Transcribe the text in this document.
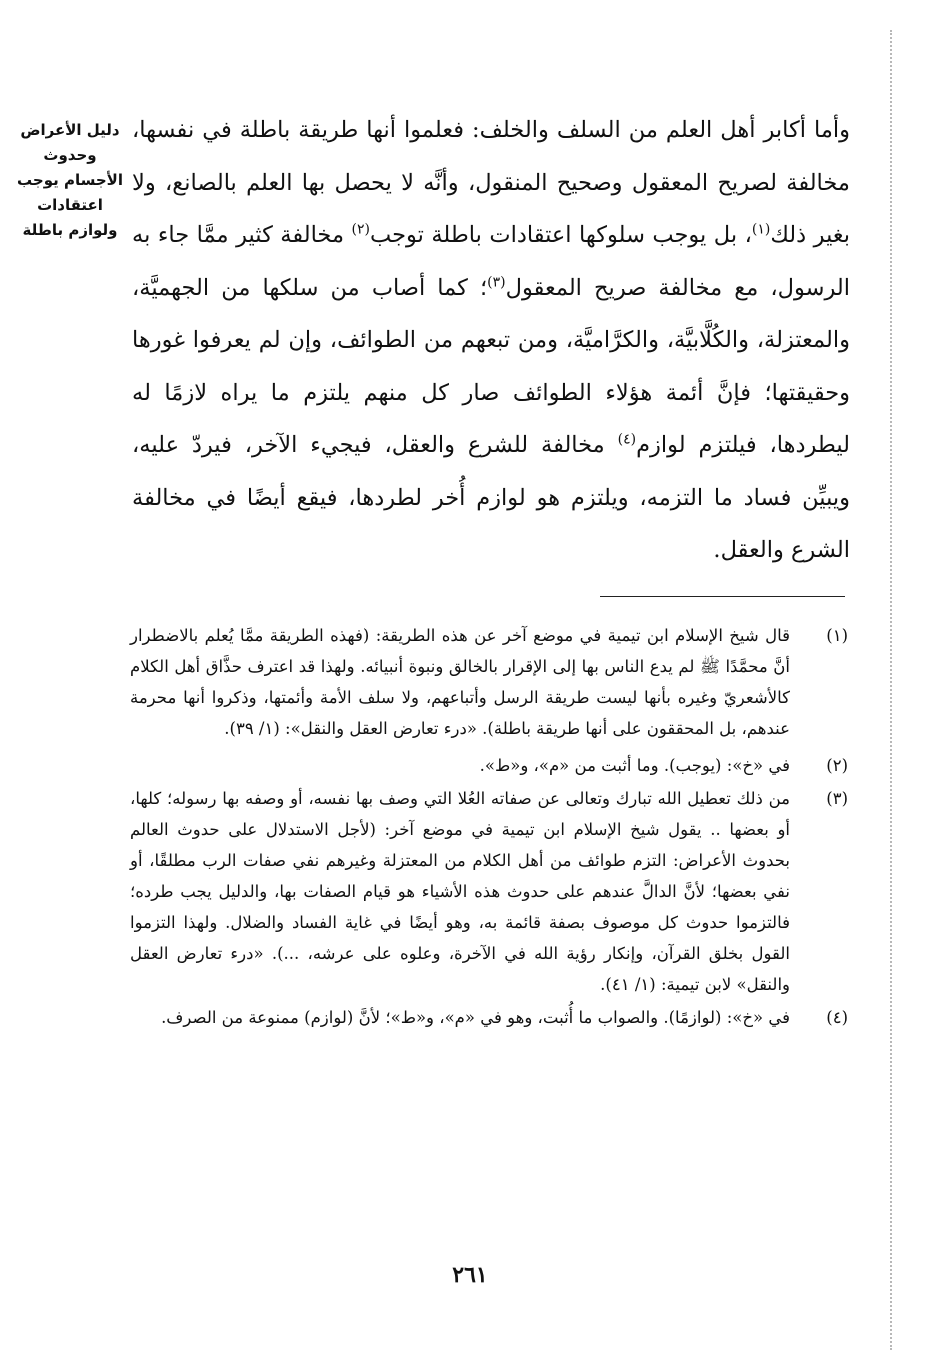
دليل الأعراض وحدوث الأجسام يوجب اعتقادات ولوازم باطلة

وأما أكابر أهل العلم من السلف والخلف: فعلموا أنها طريقة باطلة في نفسها، مخالفة لصريح المعقول وصحيح المنقول، وأنَّه لا يحصل بها العلم بالصانع، ولا بغير ذلك$^{(١)}$، بل يوجب سلوكها اعتقادات باطلة توجب$^{(٢)}$ مخالفة كثير ممَّا جاء به الرسول، مع مخالفة صريح المعقول$^{(٣)}$؛ كما أصاب من سلكها من الجهميَّة، والمعتزلة، والكُلَّابيَّة، والكرَّاميَّة، ومن تبعهم من الطوائف، وإن لم يعرفوا غورها وحقيقتها؛ فإنَّ أئمة هؤلاء الطوائف صار كل منهم يلتزم ما يراه لازمًا له ليطردها، فيلتزم لوازم$^{(٤)}$ مخالفة للشرع والعقل، فيجيء الآخر، فيردّ عليه، ويبيِّن فساد ما التزمه، ويلتزم هو لوازم أُخر لطردها، فيقع أيضًا في مخالفة الشرع والعقل.

(١)
قال شيخ الإسلام ابن تيمية في موضع آخر عن هذه الطريقة: (فهذه الطريقة ممَّا يُعلم بالاضطرار أنَّ محمَّدًا ﷺ لم يدع الناس بها إلى الإقرار بالخالق ونبوة أنبيائه. ولهذا قد اعترف حذَّاق أهل الكلام كالأشعريّ وغيره بأنها ليست طريقة الرسل وأتباعهم، ولا سلف الأمة وأئمتها، وذكروا أنها محرمة عندهم، بل المحققون على أنها طريقة باطلة). «درء تعارض العقل والنقل»: (١/ ٣٩).
(٢)
في «خ»: (يوجب). وما أثبت من «م»، و«ط».
(٣)
من ذلك تعطيل الله تبارك وتعالى عن صفاته العُلا التي وصف بها نفسه، أو وصفه بها رسوله؛ كلها، أو بعضها .. يقول شيخ الإسلام ابن تيمية في موضع آخر: (لأجل الاستدلال على حدوث العالم بحدوث الأعراض: التزم طوائف من أهل الكلام من المعتزلة وغيرهم نفي صفات الرب مطلقًا، أو نفي بعضها؛ لأنَّ الدالَّ عندهم على حدوث هذه الأشياء هو قيام الصفات بها، والدليل يجب طرده؛ فالتزموا حدوث كل موصوف بصفة قائمة به، وهو أيضًا في غاية الفساد والضلال. ولهذا التزموا القول بخلق القرآن، وإنكار رؤية الله في الآخرة، وعلوه على عرشه، ...). «درء تعارض العقل والنقل» لابن تيمية: (١/ ٤١).
(٤)
في «خ»: (لوازمًا). والصواب ما أُثبت، وهو في «م»، و«ط»؛ لأنَّ (لوازم) ممنوعة من الصرف.
٢٦١
